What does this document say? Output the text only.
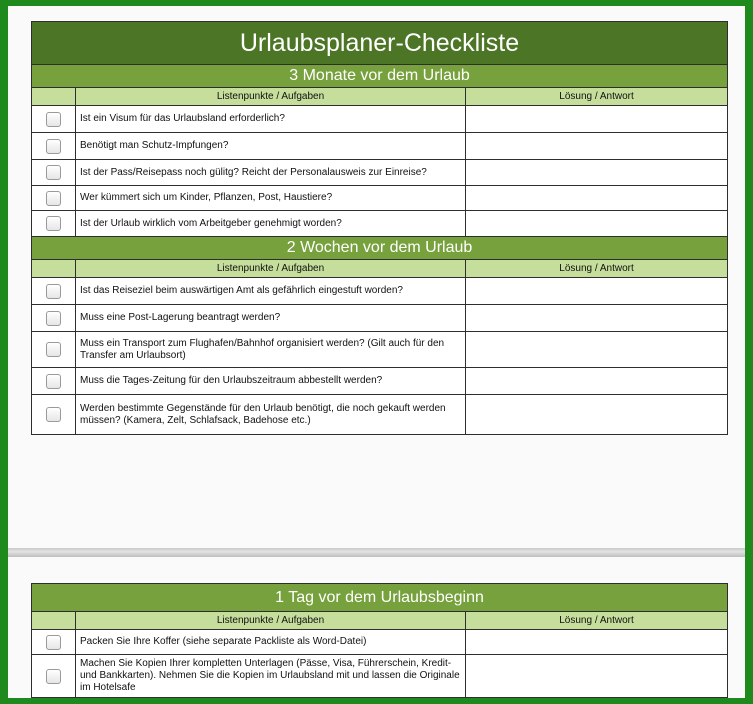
Urlaubsplaner-Checkliste		
3 Monate vor dem Urlaub		
	Listenpunkte / Aufgaben	Lösung / Antwort
	Ist ein Visum für das Urlaubsland erforderlich?	
	Benötigt man Schutz-Impfungen?	
	Ist der Pass/Reisepass noch gülitg? Reicht der Personalausweis zur Einreise?	
	Wer kümmert sich um Kinder, Pflanzen, Post, Haustiere?	
	Ist der Urlaub wirklich vom Arbeitgeber genehmigt worden?	
2 Wochen vor dem Urlaub		
	Listenpunkte / Aufgaben	Lösung / Antwort
	Ist das Reiseziel beim auswärtigen Amt als gefährlich eingestuft worden?	
	Muss eine Post-Lagerung beantragt werden?	
	Muss ein Transport zum Flughafen/Bahnhof organisiert werden? (Gilt auch für den Transfer am Urlaubsort)	
	Muss die Tages-Zeitung für den Urlaubszeitraum abbestellt werden?	
	Werden bestimmte Gegenstände für den Urlaub benötigt, die noch gekauft werden müssen? (Kamera, Zelt, Schlafsack, Badehose etc.)	
1 Tag vor dem Urlaubsbeginn		
	Listenpunkte / Aufgaben	Lösung / Antwort
	Packen Sie Ihre Koffer (siehe separate Packliste als Word-Datei)	
	Machen Sie Kopien Ihrer kompletten Unterlagen (Pässe, Visa, Führerschein, Kredit- und Bankkarten). Nehmen Sie die Kopien im Urlaubsland mit und lassen die Originale im Hotelsafe	
